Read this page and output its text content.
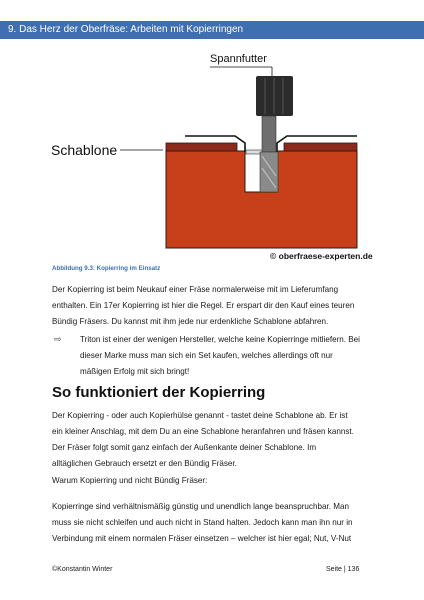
9. Das Herz der Oberfräse: Arbeiten mit Kopierringen
Spannfutter
Schablone
© oberfraese-experten.de
Abbildung 9.3: Kopierring im Einsatz
Der Kopierring ist beim Neukauf einer Fräse normalerweise mit im Lieferumfang
enthalten. Ein 17er Kopierring ist hier die Regel. Er erspart dir den Kauf eines teuren
Bündig Fräsers. Du kannst mit ihm jede nur erdenkliche Schablone abfahren.
⇨ Triton ist einer der wenigen Hersteller, welche keine Kopierringe mitliefern. Bei
dieser Marke muss man sich ein Set kaufen, welches allerdings oft nur
mäßigen Erfolg mit sich bringt!
So funktioniert der Kopierring
Der Kopierring - oder auch Kopierhülse genannt - tastet deine Schablone ab. Er ist
ein kleiner Anschlag, mit dem Du an eine Schablone heranfahren und fräsen kannst.
Der Fräser folgt somit ganz einfach der Außenkante deiner Schablone. Im
alltäglichen Gebrauch ersetzt er den Bündig Fräser.
Warum Kopierring und nicht Bündig Fräser:
Kopierringe sind verhältnismäßig günstig und unendlich lange beanspruchbar. Man
muss sie nicht schleifen und auch nicht in Stand halten. Jedoch kann man ihn nur in
Verbindung mit einem normalen Fräser einsetzen – welcher ist hier egal; Nut, V-Nut
©Konstantin Winter	Seite | 136
